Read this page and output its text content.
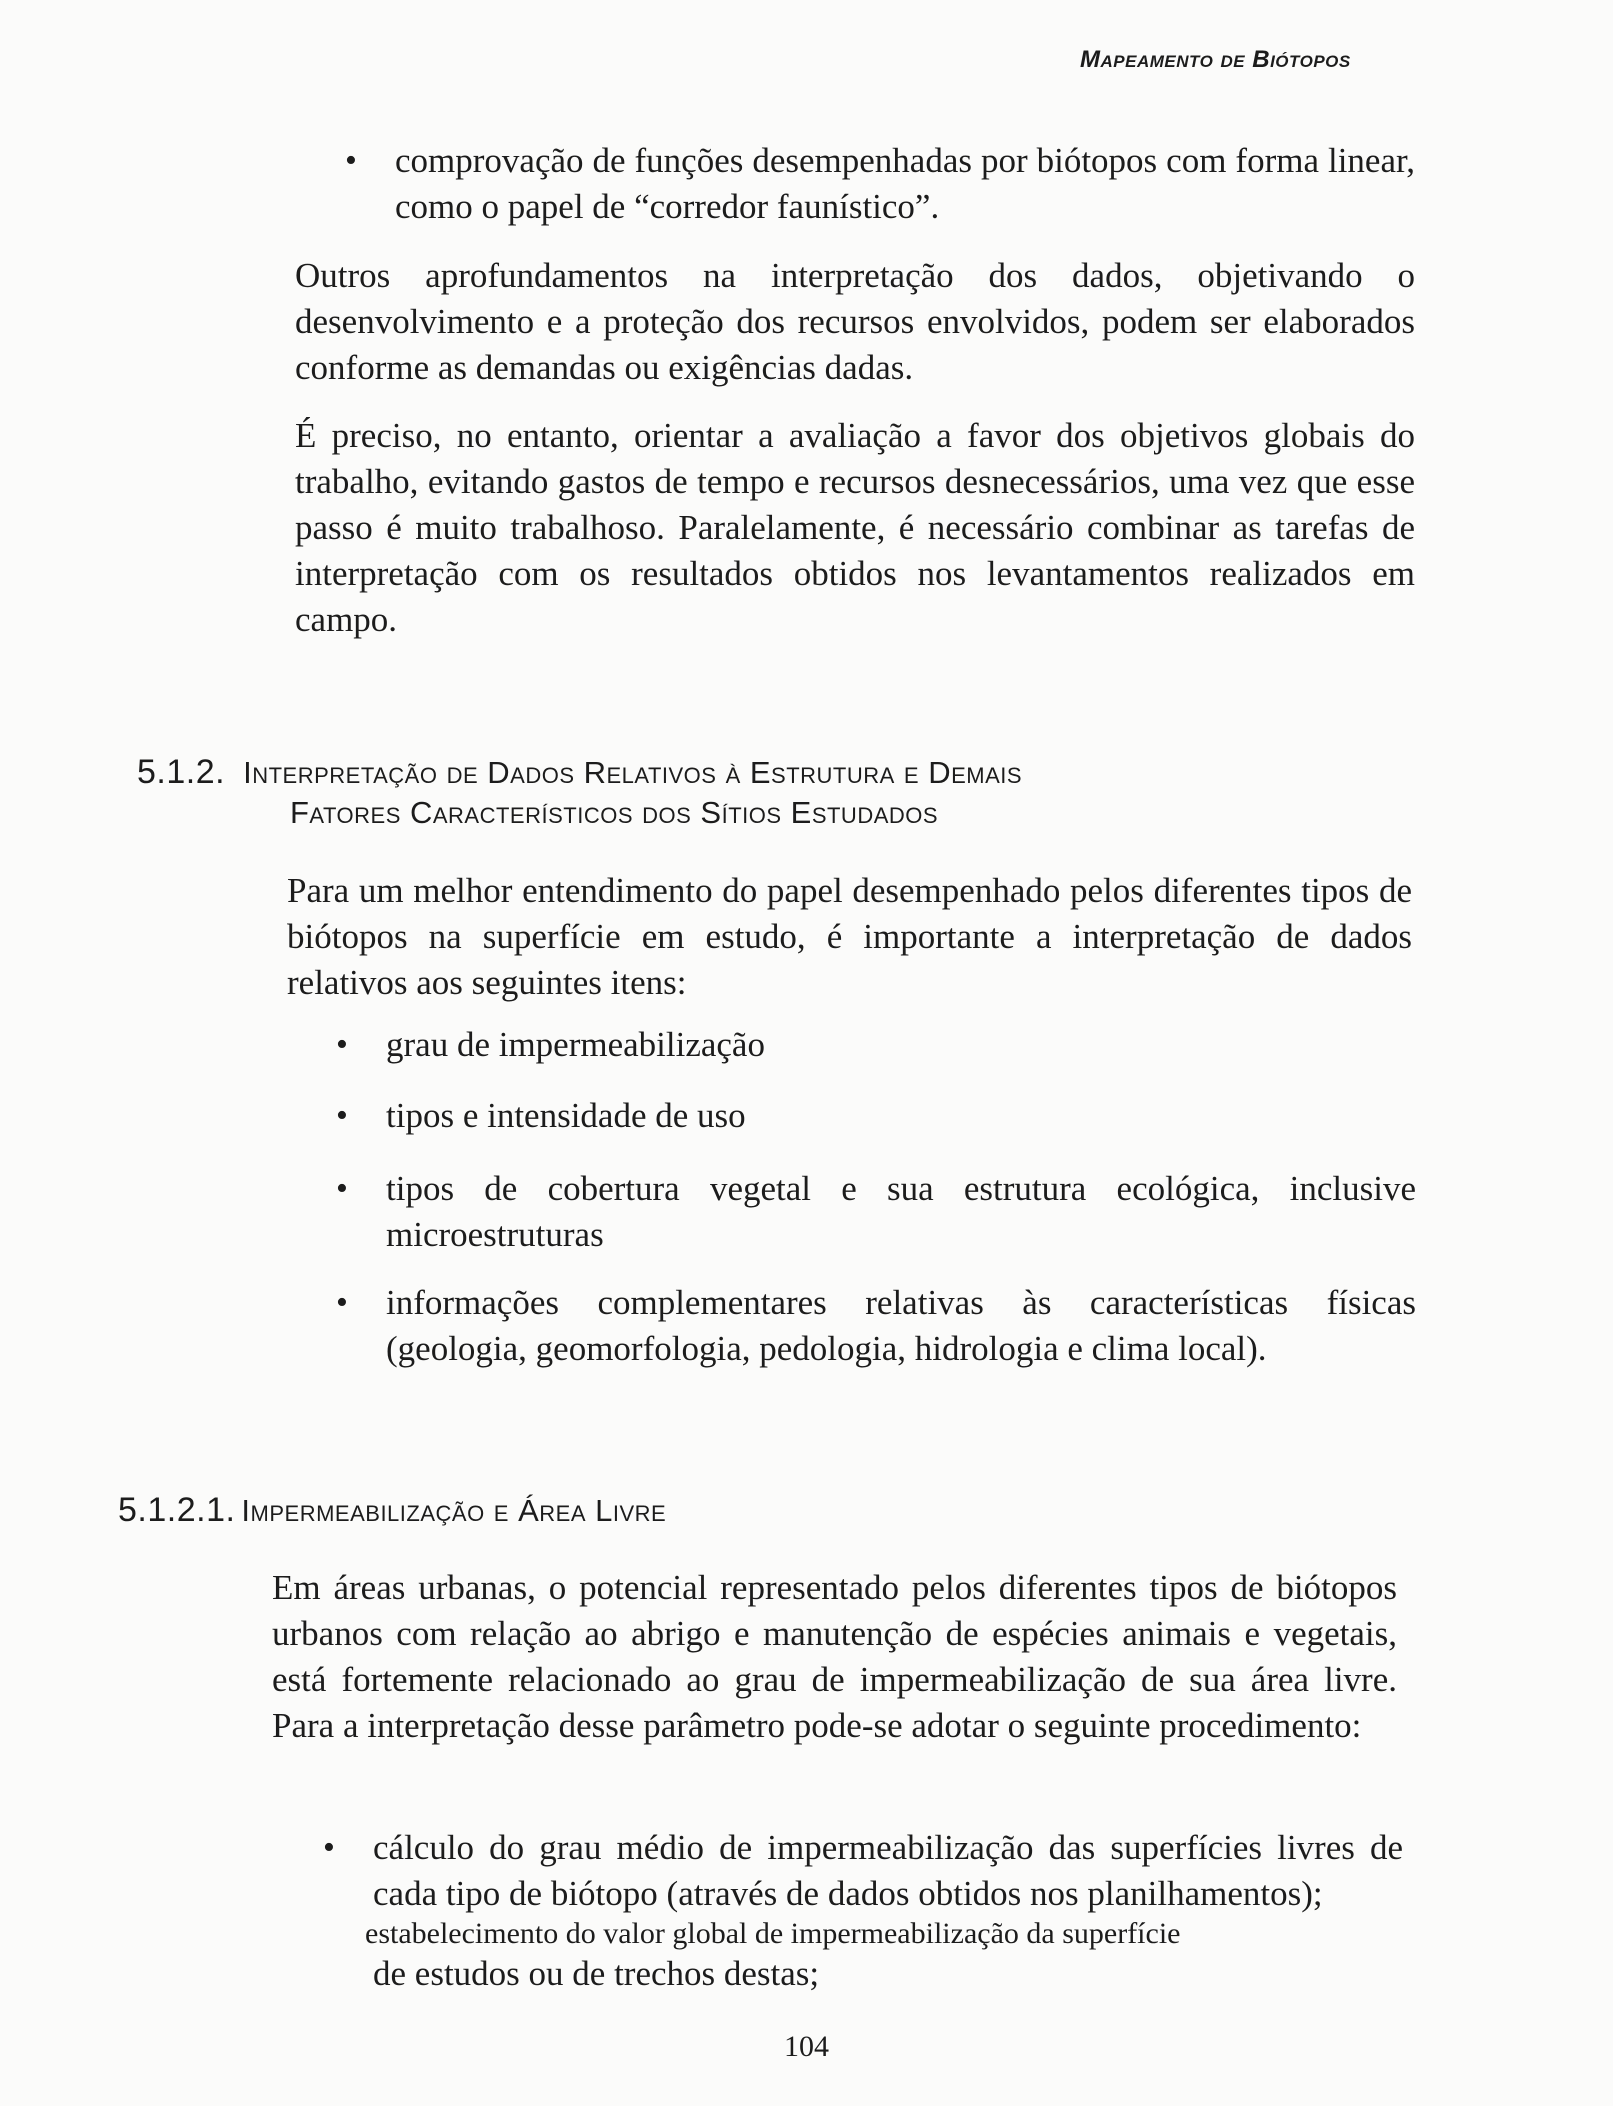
Mapeamento de Biótopos
•	comprovação de funções desempenhadas por biótopos com forma linear, como o papel de “corredor faunístico”.
Outros aprofundamentos na interpretação dos dados, objetivando o desenvolvimento e a proteção dos recursos envolvidos, podem ser elaborados conforme as demandas ou exigências dadas.
É preciso, no entanto, orientar a avaliação a favor dos objetivos globais do trabalho, evitando gastos de tempo e recursos desnecessários, uma vez que esse passo é muito trabalhoso. Paralelamente, é necessário combinar as tarefas de interpretação com os resultados obtidos nos levantamentos realizados em campo.
5.1.2. Interpretação de Dados Relativos à Estrutura e Demais
Fatores Característicos dos Sítios Estudados
Para um melhor entendimento do papel desempenhado pelos diferentes tipos de biótopos na superfície em estudo, é importante a interpretação de dados relativos aos seguintes itens:
•	grau de impermeabilização
•	tipos e intensidade de uso
•	tipos de cobertura vegetal e sua estrutura ecológica, inclusive microestruturas
•	informações complementares relativas às características físicas (geologia, geomorfologia, pedologia, hidrologia e clima local).
5.1.2.1. Impermeabilização e Área Livre
Em áreas urbanas, o potencial representado pelos diferentes tipos de biótopos urbanos com relação ao abrigo e manutenção de espécies animais e vegetais, está fortemente relacionado ao grau de impermeabilização de sua área livre. Para a interpretação desse parâmetro pode-se adotar o seguinte procedimento:
•	cálculo do grau médio de impermeabilização das superfícies livres de cada tipo de biótopo (através de dados obtidos nos planilhamentos);
estabelecimento do valor global de impermeabilização da superfície
de estudos ou de trechos destas;
104
